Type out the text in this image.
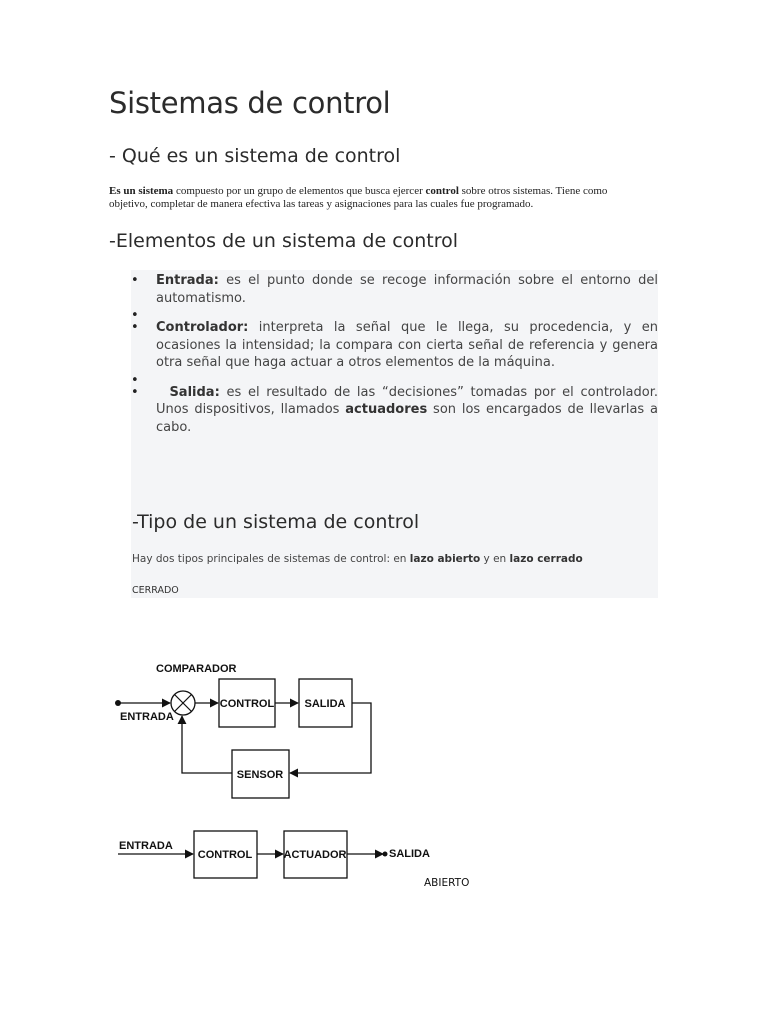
Sistemas de control
- Qué es un sistema de control

Es un sistema compuesto por un grupo de elementos que busca ejercer control sobre otros sistemas. Tiene como objetivo, completar de manera efectiva las tareas y asignaciones para las cuales fue programado.

-Elementos de un sistema de control
• Entrada: es el punto donde se recoge información sobre el entorno del automatismo.
•
• Controlador: interpreta la señal que le llega, su procedencia, y en ocasiones la intensidad; la compara con cierta señal de referencia y genera otra señal que haga actuar a otros elementos de la máquina.
•
•	Salida: es el resultado de las “decisiones” tomadas por el controlador. Unos dispositivos, llamados actuadores son los encargados de llevarlas a cabo.
-Tipo de un sistema de control

Hay dos tipos principales de sistemas de control: en lazo abierto y en lazo cerrado

CERRADO

COMPARADOR
ENTRADA
CONTROL	SALIDA
SENSOR
ENTRADA
CONTROL	ACTUADOR	SALIDA

ABIERTO
